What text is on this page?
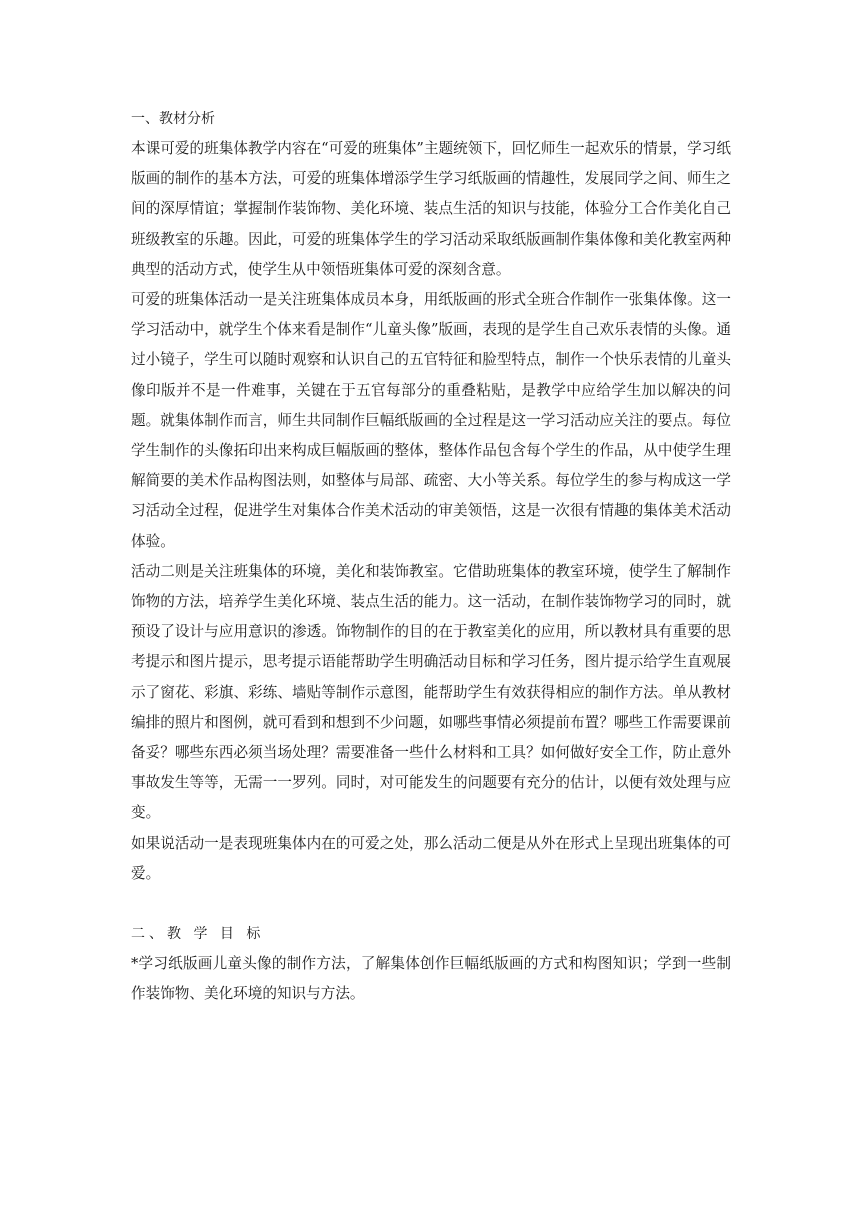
一、教材分析

本课可爱的班集体教学内容在“可爱的班集体”主题统领下，回忆师生一起欢乐的情景，学习纸版画的制作的基本方法，可爱的班集体增添学生学习纸版画的情趣性，发展同学之间、师生之间的深厚情谊；掌握制作装饰物、美化环境、装点生活的知识与技能，体验分工合作美化自己班级教室的乐趣。因此，可爱的班集体学生的学习活动采取纸版画制作集体像和美化教室两种典型的活动方式，使学生从中领悟班集体可爱的深刻含意。

可爱的班集体活动一是关注班集体成员本身，用纸版画的形式全班合作制作一张集体像。这一学习活动中，就学生个体来看是制作“儿童头像”版画，表现的是学生自己欢乐表情的头像。通过小镜子，学生可以随时观察和认识自己的五官特征和脸型特点，制作一个快乐表情的儿童头像印版并不是一件难事，关键在于五官每部分的重叠粘贴，是教学中应给学生加以解决的问题。就集体制作而言，师生共同制作巨幅纸版画的全过程是这一学习活动应关注的要点。每位学生制作的头像拓印出来构成巨幅版画的整体，整体作品包含每个学生的作品，从中使学生理解简要的美术作品构图法则，如整体与局部、疏密、大小等关系。每位学生的参与构成这一学习活动全过程，促进学生对集体合作美术活动的审美领悟，这是一次很有情趣的集体美术活动体验。

活动二则是关注班集体的环境，美化和装饰教室。它借助班集体的教室环境，使学生了解制作饰物的方法，培养学生美化环境、装点生活的能力。这一活动，在制作装饰物学习的同时，就预设了设计与应用意识的渗透。饰物制作的目的在于教室美化的应用，所以教材具有重要的思考提示和图片提示，思考提示语能帮助学生明确活动目标和学习任务，图片提示给学生直观展示了窗花、彩旗、彩练、墙贴等制作示意图，能帮助学生有效获得相应的制作方法。单从教材编排的照片和图例，就可看到和想到不少问题，如哪些事情必须提前布置？哪些工作需要课前备妥？哪些东西必须当场处理？需要准备一些什么材料和工具？如何做好安全工作，防止意外事故发生等等，无需一一罗列。同时，对可能发生的问题要有充分的估计，以便有效处理与应变。

如果说活动一是表现班集体内在的可爱之处，那么活动二便是从外在形式上呈现出班集体的可爱。

二、教 学 目 标

*学习纸版画儿童头像的制作方法，了解集体创作巨幅纸版画的方式和构图知识；学到一些制作装饰物、美化环境的知识与方法。
